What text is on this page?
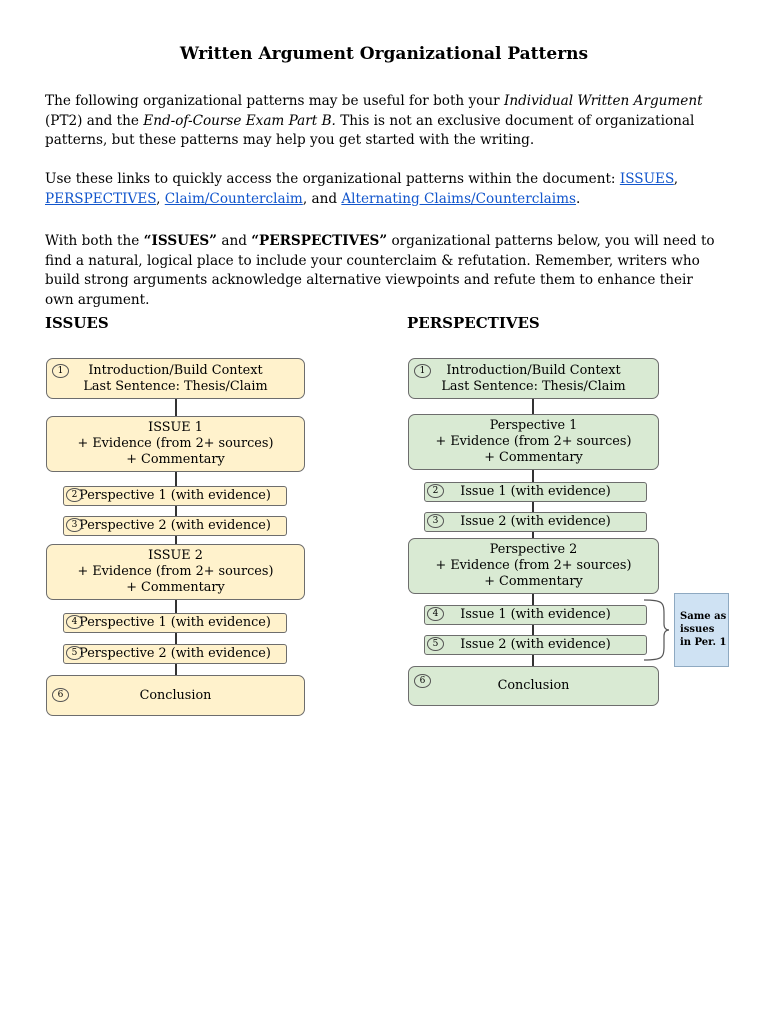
Written Argument Organizational Patterns

The following organizational patterns may be useful for both your Individual Written Argument (PT2) and the End-of-Course Exam Part B. This is not an exclusive document of organizational patterns, but these patterns may help you get started with the writing.

Use these links to quickly access the organizational patterns within the document: ISSUES, PERSPECTIVES, Claim/Counterclaim, and Alternating Claims/Counterclaims.

With both the “ISSUES” and “PERSPECTIVES” organizational patterns below, you will need to find a natural, logical place to include your counterclaim & refutation. Remember, writers who build strong arguments acknowledge alternative viewpoints and refute them to enhance their own argument.

ISSUES	PERSPECTIVES
Introduction/Build Context
Last Sentence: Thesis/Claim
1
ISSUE 1
+ Evidence (from 2+ sources)
+ Commentary
Perspective 1 (with evidence)
2
Perspective 2 (with evidence)
3
ISSUE 2
+ Evidence (from 2+ sources)
+ Commentary
Perspective 1 (with evidence)
4
Perspective 2 (with evidence)
5
Conclusion
6
Introduction/Build Context
Last Sentence: Thesis/Claim
1
Perspective 1
+ Evidence (from 2+ sources)
+ Commentary
Issue 1 (with evidence)
2
Issue 2 (with evidence)
3
Perspective 2
+ Evidence (from 2+ sources)
+ Commentary
Issue 1 (with evidence)
4
Issue 2 (with evidence)
5
Conclusion
6
Same as issues in Per. 1
